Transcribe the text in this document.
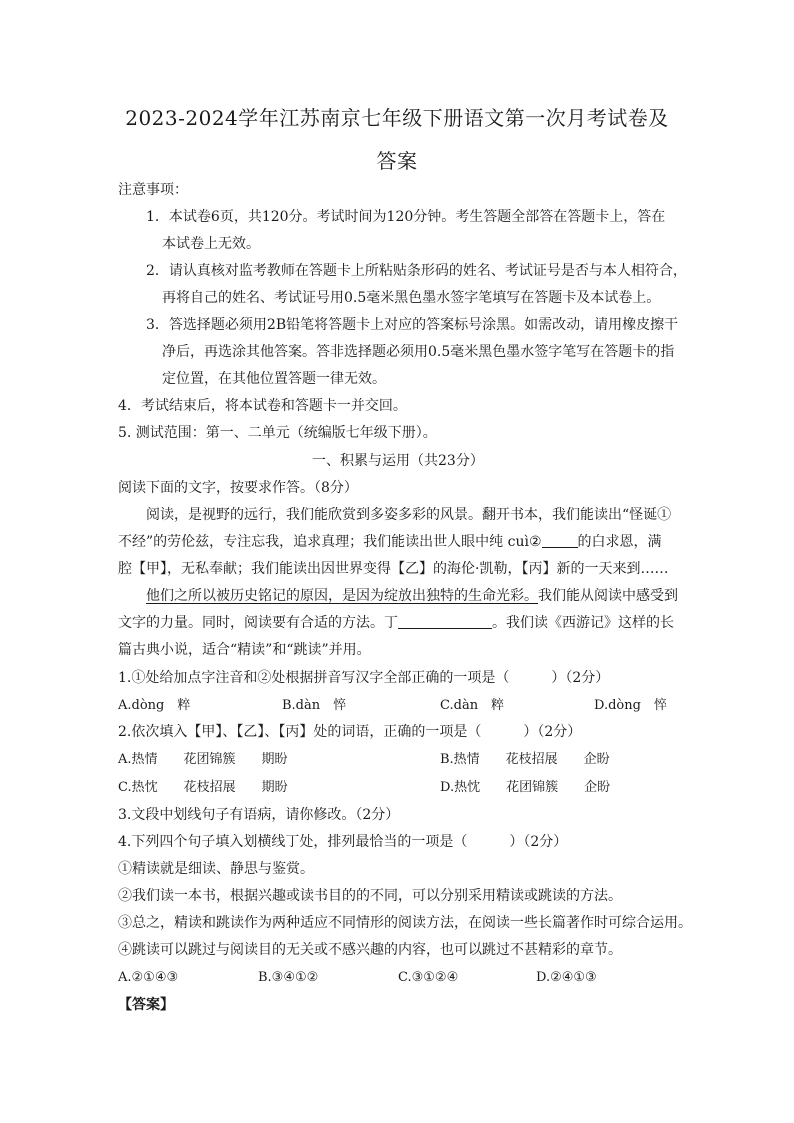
2023-2024学年江苏南京七年级下册语文第一次月考试卷及
答案
注意事项：
1．本试卷6页，共120分。考试时间为120分钟。考生答题全部答在答题卡上，答在
本试卷上无效。
2．请认真核对监考教师在答题卡上所粘贴条形码的姓名、考试证号是否与本人相符合，
再将自己的姓名、考试证号用0.5毫米黑色墨水签字笔填写在答题卡及本试卷上。
3．答选择题必须用2B铅笔将答题卡上对应的答案标号涂黑。如需改动，请用橡皮擦干
净后，再选涂其他答案。答非选择题必须用0.5毫米黑色墨水签字笔写在答题卡的指
定位置，在其他位置答题一律无效。
4．考试结束后，将本试卷和答题卡一并交回。
5. 测试范围：第一、二单元（统编版七年级下册）。
一、积累与运用（共23分）
阅读下面的文字，按要求作答。（8分）
阅读，是视野的远行，我们能欣赏到多姿多彩的风景。翻开书本，我们能读出“怪诞①
不经”的劳伦兹，专注忘我，追求真理；我们能读出世人眼中纯 cuì②	的白求恩，满
腔【甲】，无私奉献；我们能读出因世界变得【乙】的海伦·凯勒，【丙】新的一天来到……
他们之所以被历史铭记的原因，是因为绽放出独特的生命光彩。我们能从阅读中感受到
文字的力量。同时，阅读要有合适的方法。丁	。我们读《西游记》这样的长
篇古典小说，适合“精读”和“跳读”并用。
1.①处给加点字注音和②处根据拼音写汉字全部正确的一项是（　　　）（2分）
A.dòng　粹	B.dàn　悴	C.dàn　粹	D.dòng　悴
2.依次填入【甲】、【乙】、【丙】处的词语，正确的一项是（　　　）（2分）
A.热情　　花团锦簇　　期盼	B.热情　　花枝招展　　企盼
C.热忱　　花枝招展　　期盼	D.热忱　　花团锦簇　　企盼
3.文段中划线句子有语病，请你修改。（2分）
4.下列四个句子填入划横线丁处，排列最恰当的一项是（　　　）（2分）
①精读就是细读、静思与鉴赏。
②我们读一本书，根据兴趣或读书目的的不同，可以分别采用精读或跳读的方法。
③总之，精读和跳读作为两种适应不同情形的阅读方法，在阅读一些长篇著作时可综合运用。
④跳读可以跳过与阅读目的无关或不感兴趣的内容，也可以跳过不甚精彩的章节。
A.②①④③	B.③④①②	C.③①②④	D.②④①③
【答案】
